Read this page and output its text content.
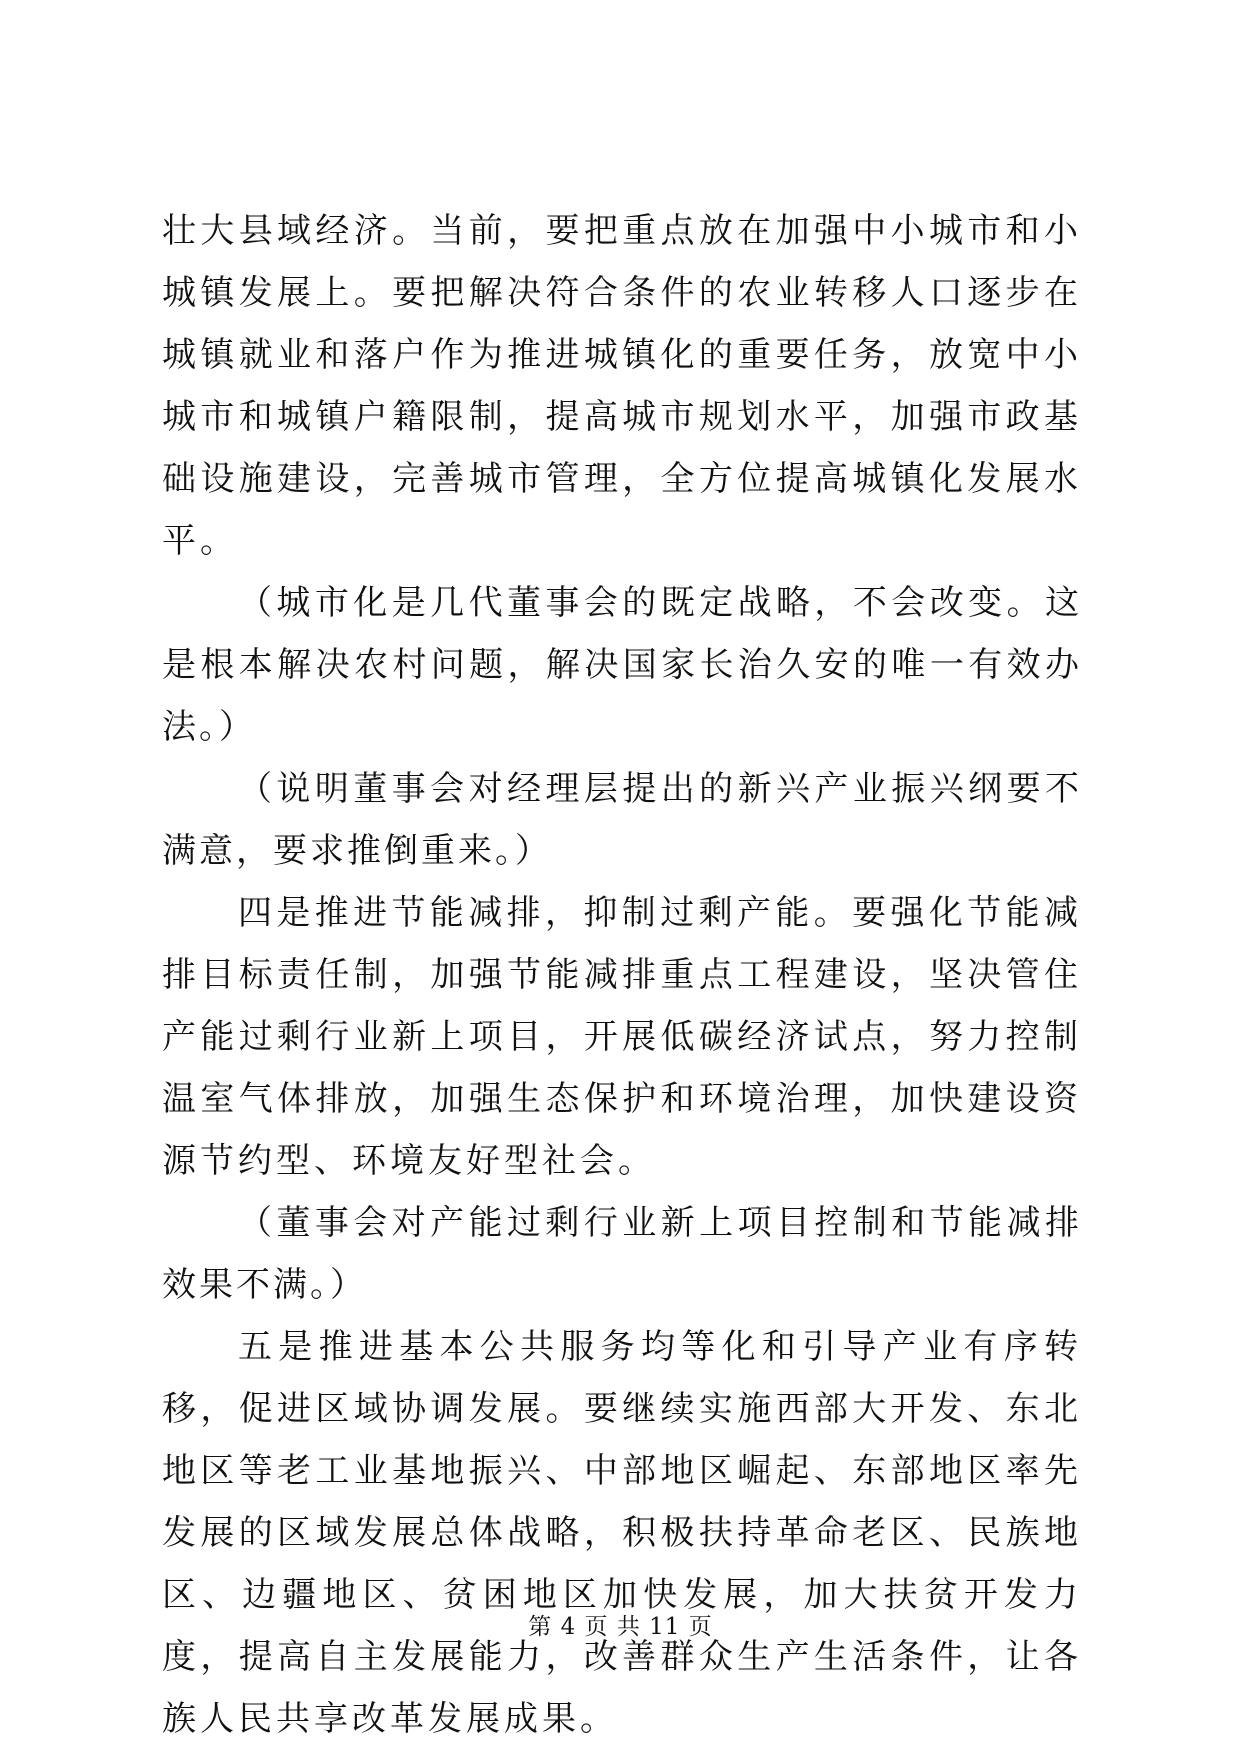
壮大县域经济。当前，要把重点放在加强中小城市和小城镇发展上。要把解决符合条件的农业转移人口逐步在城镇就业和落户作为推进城镇化的重要任务，放宽中小城市和城镇户籍限制，提高城市规划水平，加强市政基础设施建设，完善城市管理，全方位提高城镇化发展水平。

（城市化是几代董事会的既定战略，不会改变。这是根本解决农村问题，解决国家长治久安的唯一有效办法。）

（说明董事会对经理层提出的新兴产业振兴纲要不满意，要求推倒重来。）

四是推进节能减排，抑制过剩产能。要强化节能减排目标责任制，加强节能减排重点工程建设，坚决管住产能过剩行业新上项目，开展低碳经济试点，努力控制温室气体排放，加强生态保护和环境治理，加快建设资源节约型、环境友好型社会。

（董事会对产能过剩行业新上项目控制和节能减排效果不满。）

五是推进基本公共服务均等化和引导产业有序转移，促进区域协调发展。要继续实施西部大开发、东北地区等老工业基地振兴、中部地区崛起、东部地区率先发展的区域发展总体战略，积极扶持革命老区、民族地区、边疆地区、贫困地区加快发展，加大扶贫开发力度，提高自主发展能力，改善群众生产生活条件，让各族人民共享改革发展成果。

第 4 页 共 11 页
